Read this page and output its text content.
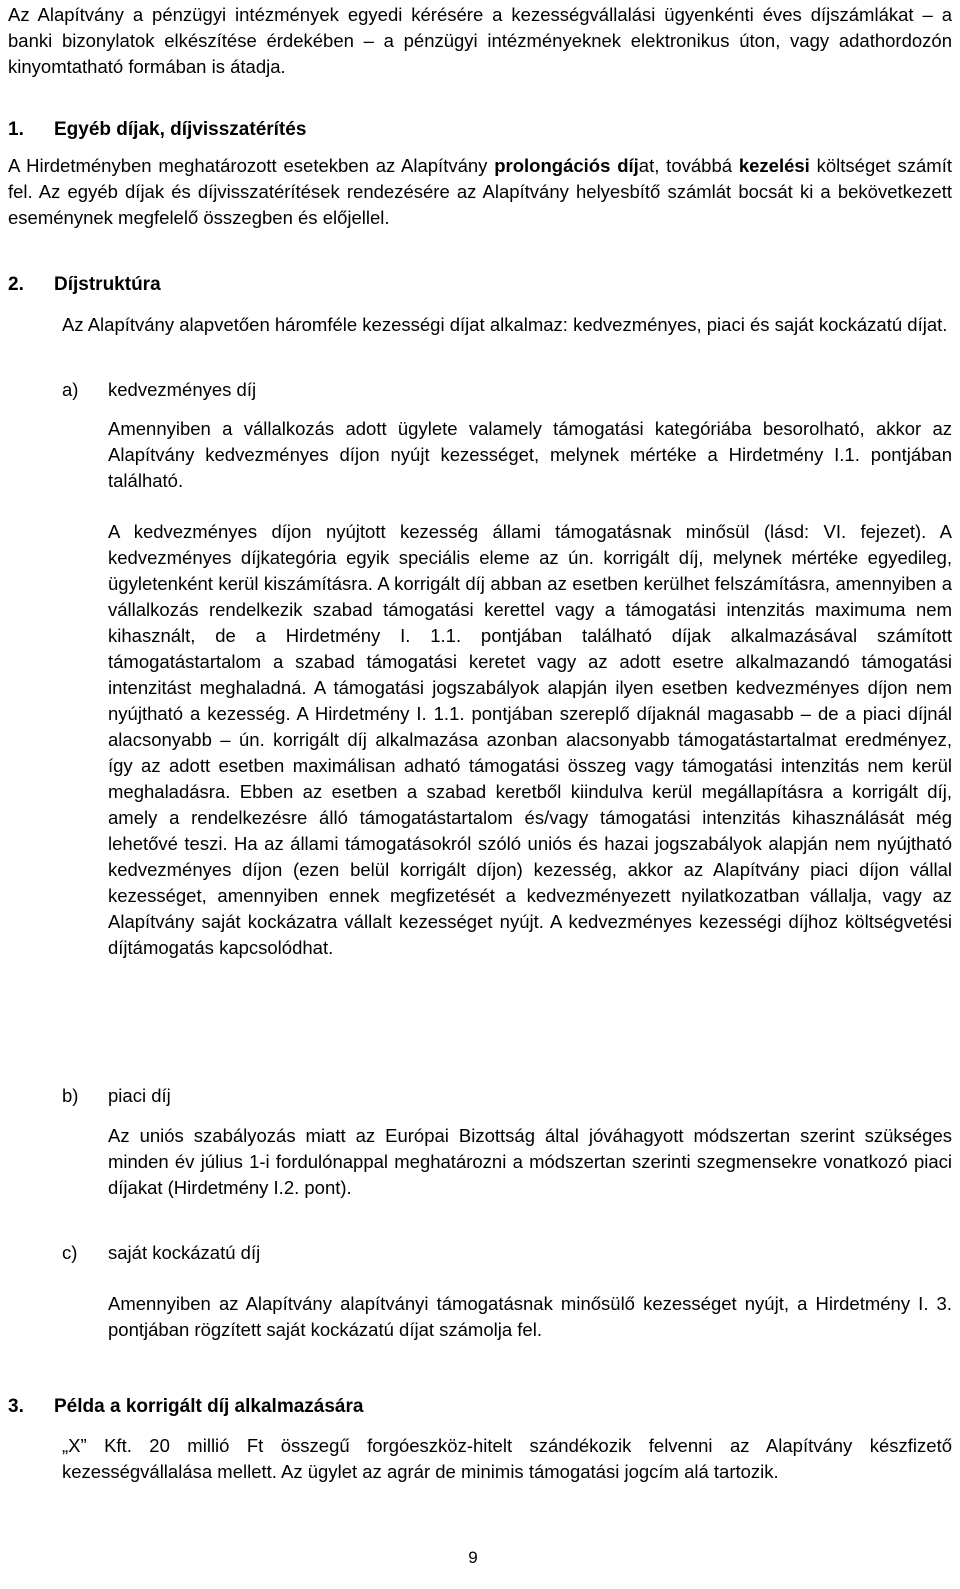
Az Alapítvány a pénzügyi intézmények egyedi kérésére a kezességvállalási ügyenkénti éves díjszámlákat – a banki bizonylatok elkészítése érdekében – a pénzügyi intézményeknek elektronikus úton, vagy adathordozón kinyomtatható formában is átadja.

1. Egyéb díjak, díjvisszatérítés

A Hirdetményben meghatározott esetekben az Alapítvány prolongációs díjat, továbbá kezelési költséget számít fel. Az egyéb díjak és díjvisszatérítések rendezésére az Alapítvány helyesbítő számlát bocsát ki a bekövetkezett eseménynek megfelelő összegben és előjellel.

2. Díjstruktúra

Az Alapítvány alapvetően háromféle kezességi díjat alkalmaz: kedvezményes, piaci és saját kockázatú díjat.

a) kedvezményes díj

Amennyiben a vállalkozás adott ügylete valamely támogatási kategóriába besorolható, akkor az Alapítvány kedvezményes díjon nyújt kezességet, melynek mértéke a Hirdetmény I.1. pontjában található.

A kedvezményes díjon nyújtott kezesség állami támogatásnak minősül (lásd: VI. fejezet). A kedvezményes díjkategória egyik speciális eleme az ún. korrigált díj, melynek mértéke egyedileg, ügyletenként kerül kiszámításra. A korrigált díj abban az esetben kerülhet felszámításra, amennyiben a vállalkozás rendelkezik szabad támogatási kerettel vagy a támogatási intenzitás maximuma nem kihasznált, de a Hirdetmény I. 1.1. pontjában található díjak alkalmazásával számított támogatástartalom a szabad támogatási keretet vagy az adott esetre alkalmazandó támogatási intenzitást meghaladná. A támogatási jogszabályok alapján ilyen esetben kedvezményes díjon nem nyújtható a kezesség. A Hirdetmény I. 1.1. pontjában szereplő díjaknál magasabb – de a piaci díjnál alacsonyabb – ún. korrigált díj alkalmazása azonban alacsonyabb támogatástartalmat eredményez, így az adott esetben maximálisan adható támogatási összeg vagy támogatási intenzitás nem kerül meghaladásra. Ebben az esetben a szabad keretből kiindulva kerül megállapításra a korrigált díj, amely a rendelkezésre álló támogatástartalom és/vagy támogatási intenzitás kihasználását még lehetővé teszi. Ha az állami támogatásokról szóló uniós és hazai jogszabályok alapján nem nyújtható kedvezményes díjon (ezen belül korrigált díjon) kezesség, akkor az Alapítvány piaci díjon vállal kezességet, amennyiben ennek megfizetését a kedvezményezett nyilatkozatban vállalja, vagy az Alapítvány saját kockázatra vállalt kezességet nyújt. A kedvezményes kezességi díjhoz költségvetési díjtámogatás kapcsolódhat.

b) piaci díj

Az uniós szabályozás miatt az Európai Bizottság által jóváhagyott módszertan szerint szükséges minden év július 1-i fordulónappal meghatározni a módszertan szerinti szegmensekre vonatkozó piaci díjakat (Hirdetmény I.2. pont).

c) saját kockázatú díj

Amennyiben az Alapítvány alapítványi támogatásnak minősülő kezességet nyújt, a Hirdetmény I. 3. pontjában rögzített saját kockázatú díjat számolja fel.

3. Példa a korrigált díj alkalmazására

„X” Kft. 20 millió Ft összegű forgóeszköz-hitelt szándékozik felvenni az Alapítvány készfizető kezességvállalása mellett. Az ügylet az agrár de minimis támogatási jogcím alá tartozik.

9
